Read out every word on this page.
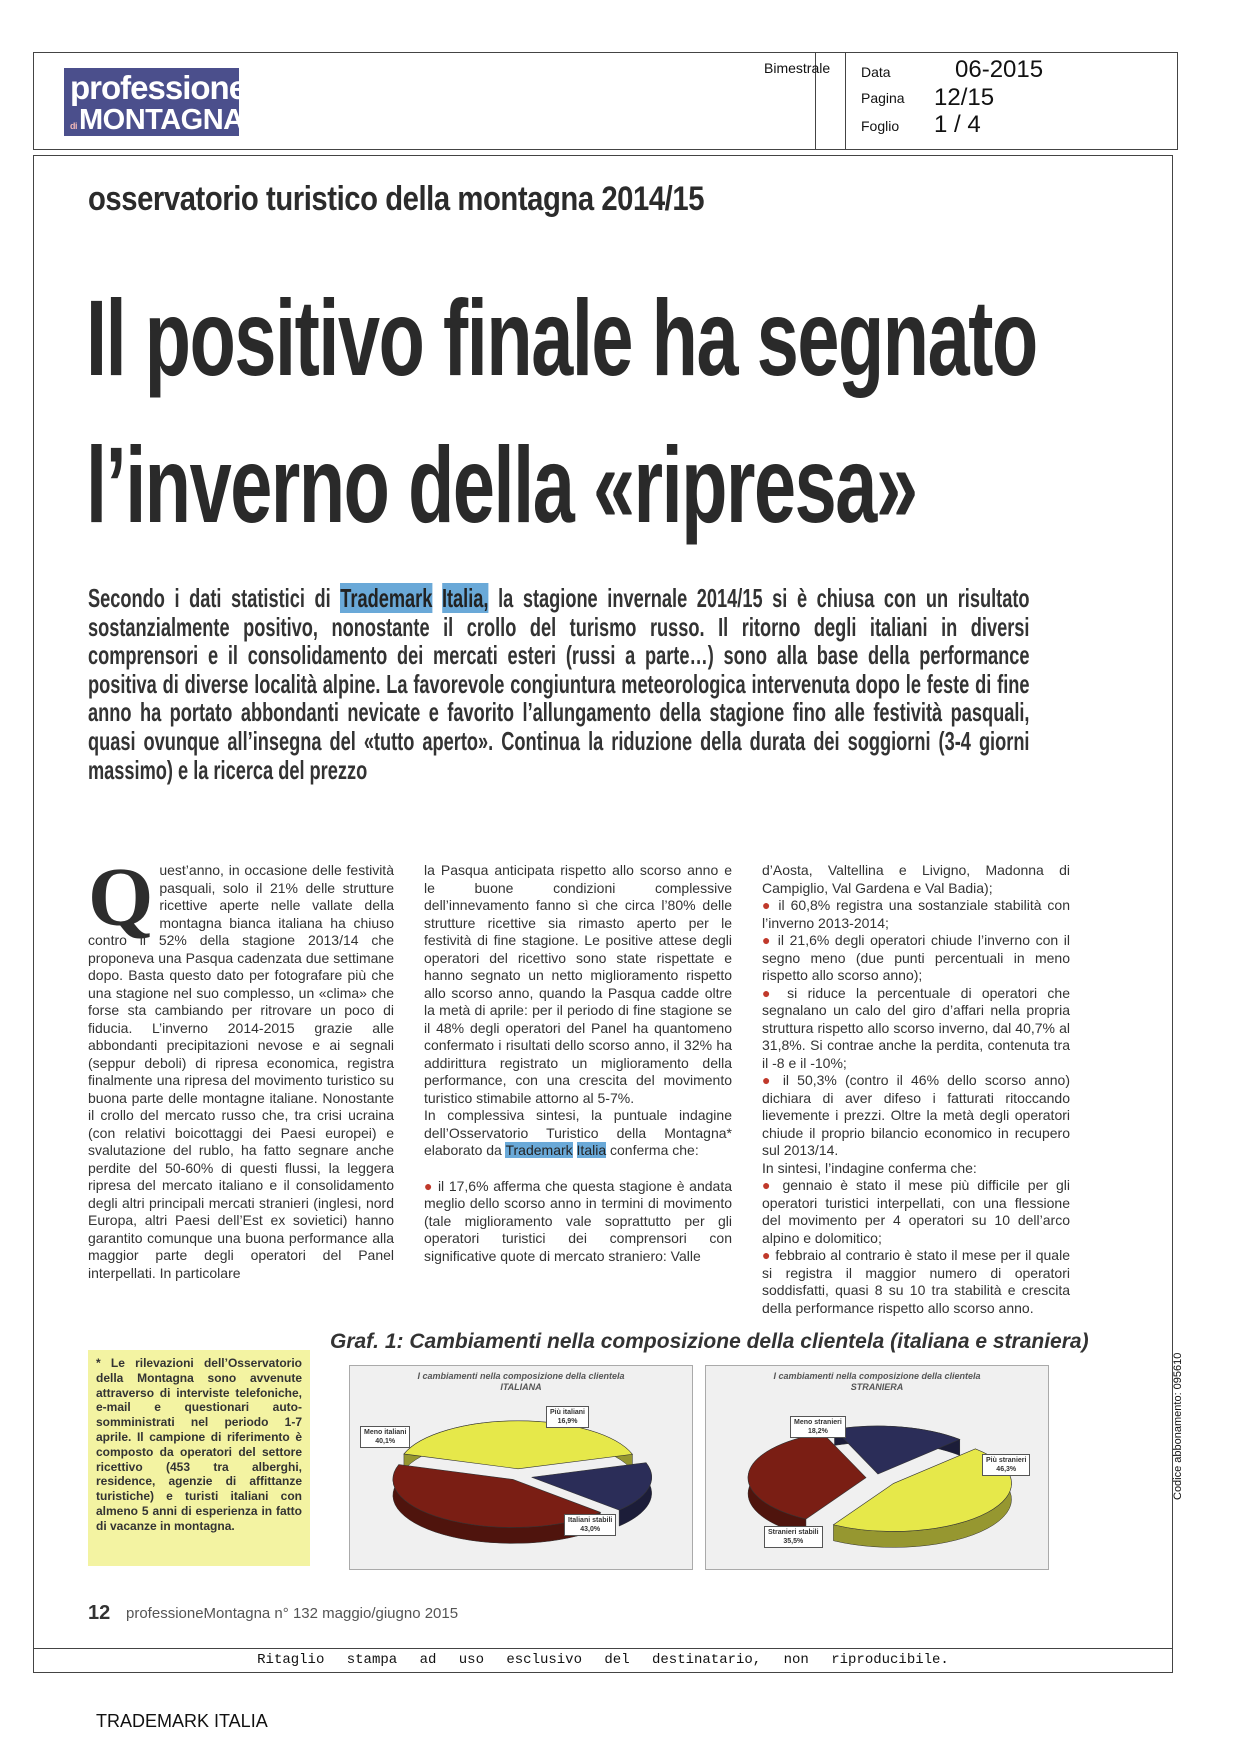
professione
diMONTAGNA
Bimestrale Data	06-2015
Pagina 12/15
Foglio 1 / 4
osservatorio turistico della montagna 2014/15
Il positivo finale ha segnato
l’inverno della «ripresa»
Secondo i dati statistici di Trademark Italia, la stagione invernale 2014/15 si è chiusa con un risultato sostanzialmente positivo, nonostante il crollo del turismo russo. Il ritorno degli italiani in diversi comprensori e il consolidamento dei mercati esteri (russi a parte…) sono alla base della performance positiva di diverse località alpine. La favorevole congiuntura meteorologica intervenuta dopo le feste di fine anno ha portato abbondanti nevicate e favorito l’allungamento della stagione fino alle festività pasquali, quasi ovunque all’insegna del «tutto aperto». Continua la riduzione della durata dei soggiorni (3-4 giorni massimo) e la ricerca del prezzo
Quest’anno, in occasione delle festività pasquali, solo il 21% delle strutture ricettive aperte nelle vallate della montagna bianca italiana ha chiuso contro il 52% della stagione 2013/14 che proponeva una Pasqua cadenzata due settimane dopo. Basta questo dato per fotografare più che una stagione nel suo complesso, un «clima» che forse sta cambiando per ritrovare un poco di fiducia. L’inverno 2014-2015 grazie alle abbondanti precipitazioni nevose e ai segnali (seppur deboli) di ripresa economica, registra finalmente una ripresa del movimento turistico su buona parte delle montagne italiane. Nonostante il crollo del mercato russo che, tra crisi ucraina (con relativi boicottaggi dei Paesi europei) e svalutazione del rublo, ha fatto segnare anche perdite del 50-60% di questi flussi, la leggera ripresa del mercato italiano e il consolidamento degli altri principali mercati stranieri (inglesi, nord Europa, altri Paesi dell’Est ex sovietici) hanno garantito comunque una buona performance alla maggior parte degli operatori del Panel interpellati. In particolare
la Pasqua anticipata rispetto allo scorso anno e le buone condizioni complessive dell’innevamento fanno sì che circa l’80% delle strutture ricettive sia rimasto aperto per le festività di fine stagione. Le positive attese degli operatori del ricettivo sono state rispettate e hanno segnato un netto miglioramento rispetto allo scorso anno, quando la Pasqua cadde oltre la metà di aprile: per il periodo di fine stagione se il 48% degli operatori del Panel ha quantomeno confermato i risultati dello scorso anno, il 32% ha addirittura registrato un miglioramento della performance, con una crescita del movimento turistico stimabile attorno al 5-7%.
In complessiva sintesi, la puntuale indagine dell’Osservatorio Turistico della Montagna* elaborato da Trademark Italia conferma che:
● il 17,6% afferma che questa stagione è andata meglio dello scorso anno in termini di movimento (tale miglioramento vale soprattutto per gli operatori turistici dei comprensori con significative quote di mercato straniero: Valle
d’Aosta, Valtellina e Livigno, Madonna di Campiglio, Val Gardena e Val Badia);
● il 60,8% registra una sostanziale stabilità con l’inverno 2013-2014;
● il 21,6% degli operatori chiude l’inverno con il segno meno (due punti percentuali in meno rispetto allo scorso anno);
● si riduce la percentuale di operatori che segnalano un calo del giro d’affari nella propria struttura rispetto allo scorso inverno, dal 40,7% al 31,8%. Si contrae anche la perdita, contenuta tra il -8 e il -10%;
● il 50,3% (contro il 46% dello scorso anno) dichiara di aver difeso i fatturati ritoccando lievemente i prezzi. Oltre la metà degli operatori chiude il proprio bilancio economico in recupero sul 2013/14.
In sintesi, l’indagine conferma che:
● gennaio è stato il mese più difficile per gli operatori turistici interpellati, con una flessione del movimento per 4 operatori su 10 dell’arco alpino e dolomitico;
● febbraio al contrario è stato il mese per il quale si registra il maggior numero di operatori soddisfatti, quasi 8 su 10 tra stabilità e crescita della performance rispetto allo scorso anno.
* Le rilevazioni dell’Osservatorio della Montagna sono avvenute attraverso di interviste telefoniche, e-mail e questionari auto-somministrati nel periodo 1-7 aprile. Il campione di riferimento è composto da operatori del settore ricettivo (453 tra alberghi, residence, agenzie di affittanze turistiche) e turisti italiani con almeno 5 anni di esperienza in fatto di vacanze in montagna.
Graf. 1: Cambiamenti nella composizione della clientela (italiana e straniera)
I cambiamenti nella composizione della clientela
ITALIANA
Meno italiani
40,1%
Più italiani
16,9%
Italiani stabili
43,0%
I cambiamenti nella composizione della clientela
STRANIERA
Meno stranieri
18,2%
Più stranieri
46,3%
Stranieri stabili
35,5%
12 professioneMontagna n° 132 maggio/giugno 2015
Ritaglio stampa ad uso esclusivo del destinatario, non riproducibile.
Codice abbonamento: 095610
TRADEMARK ITALIA
